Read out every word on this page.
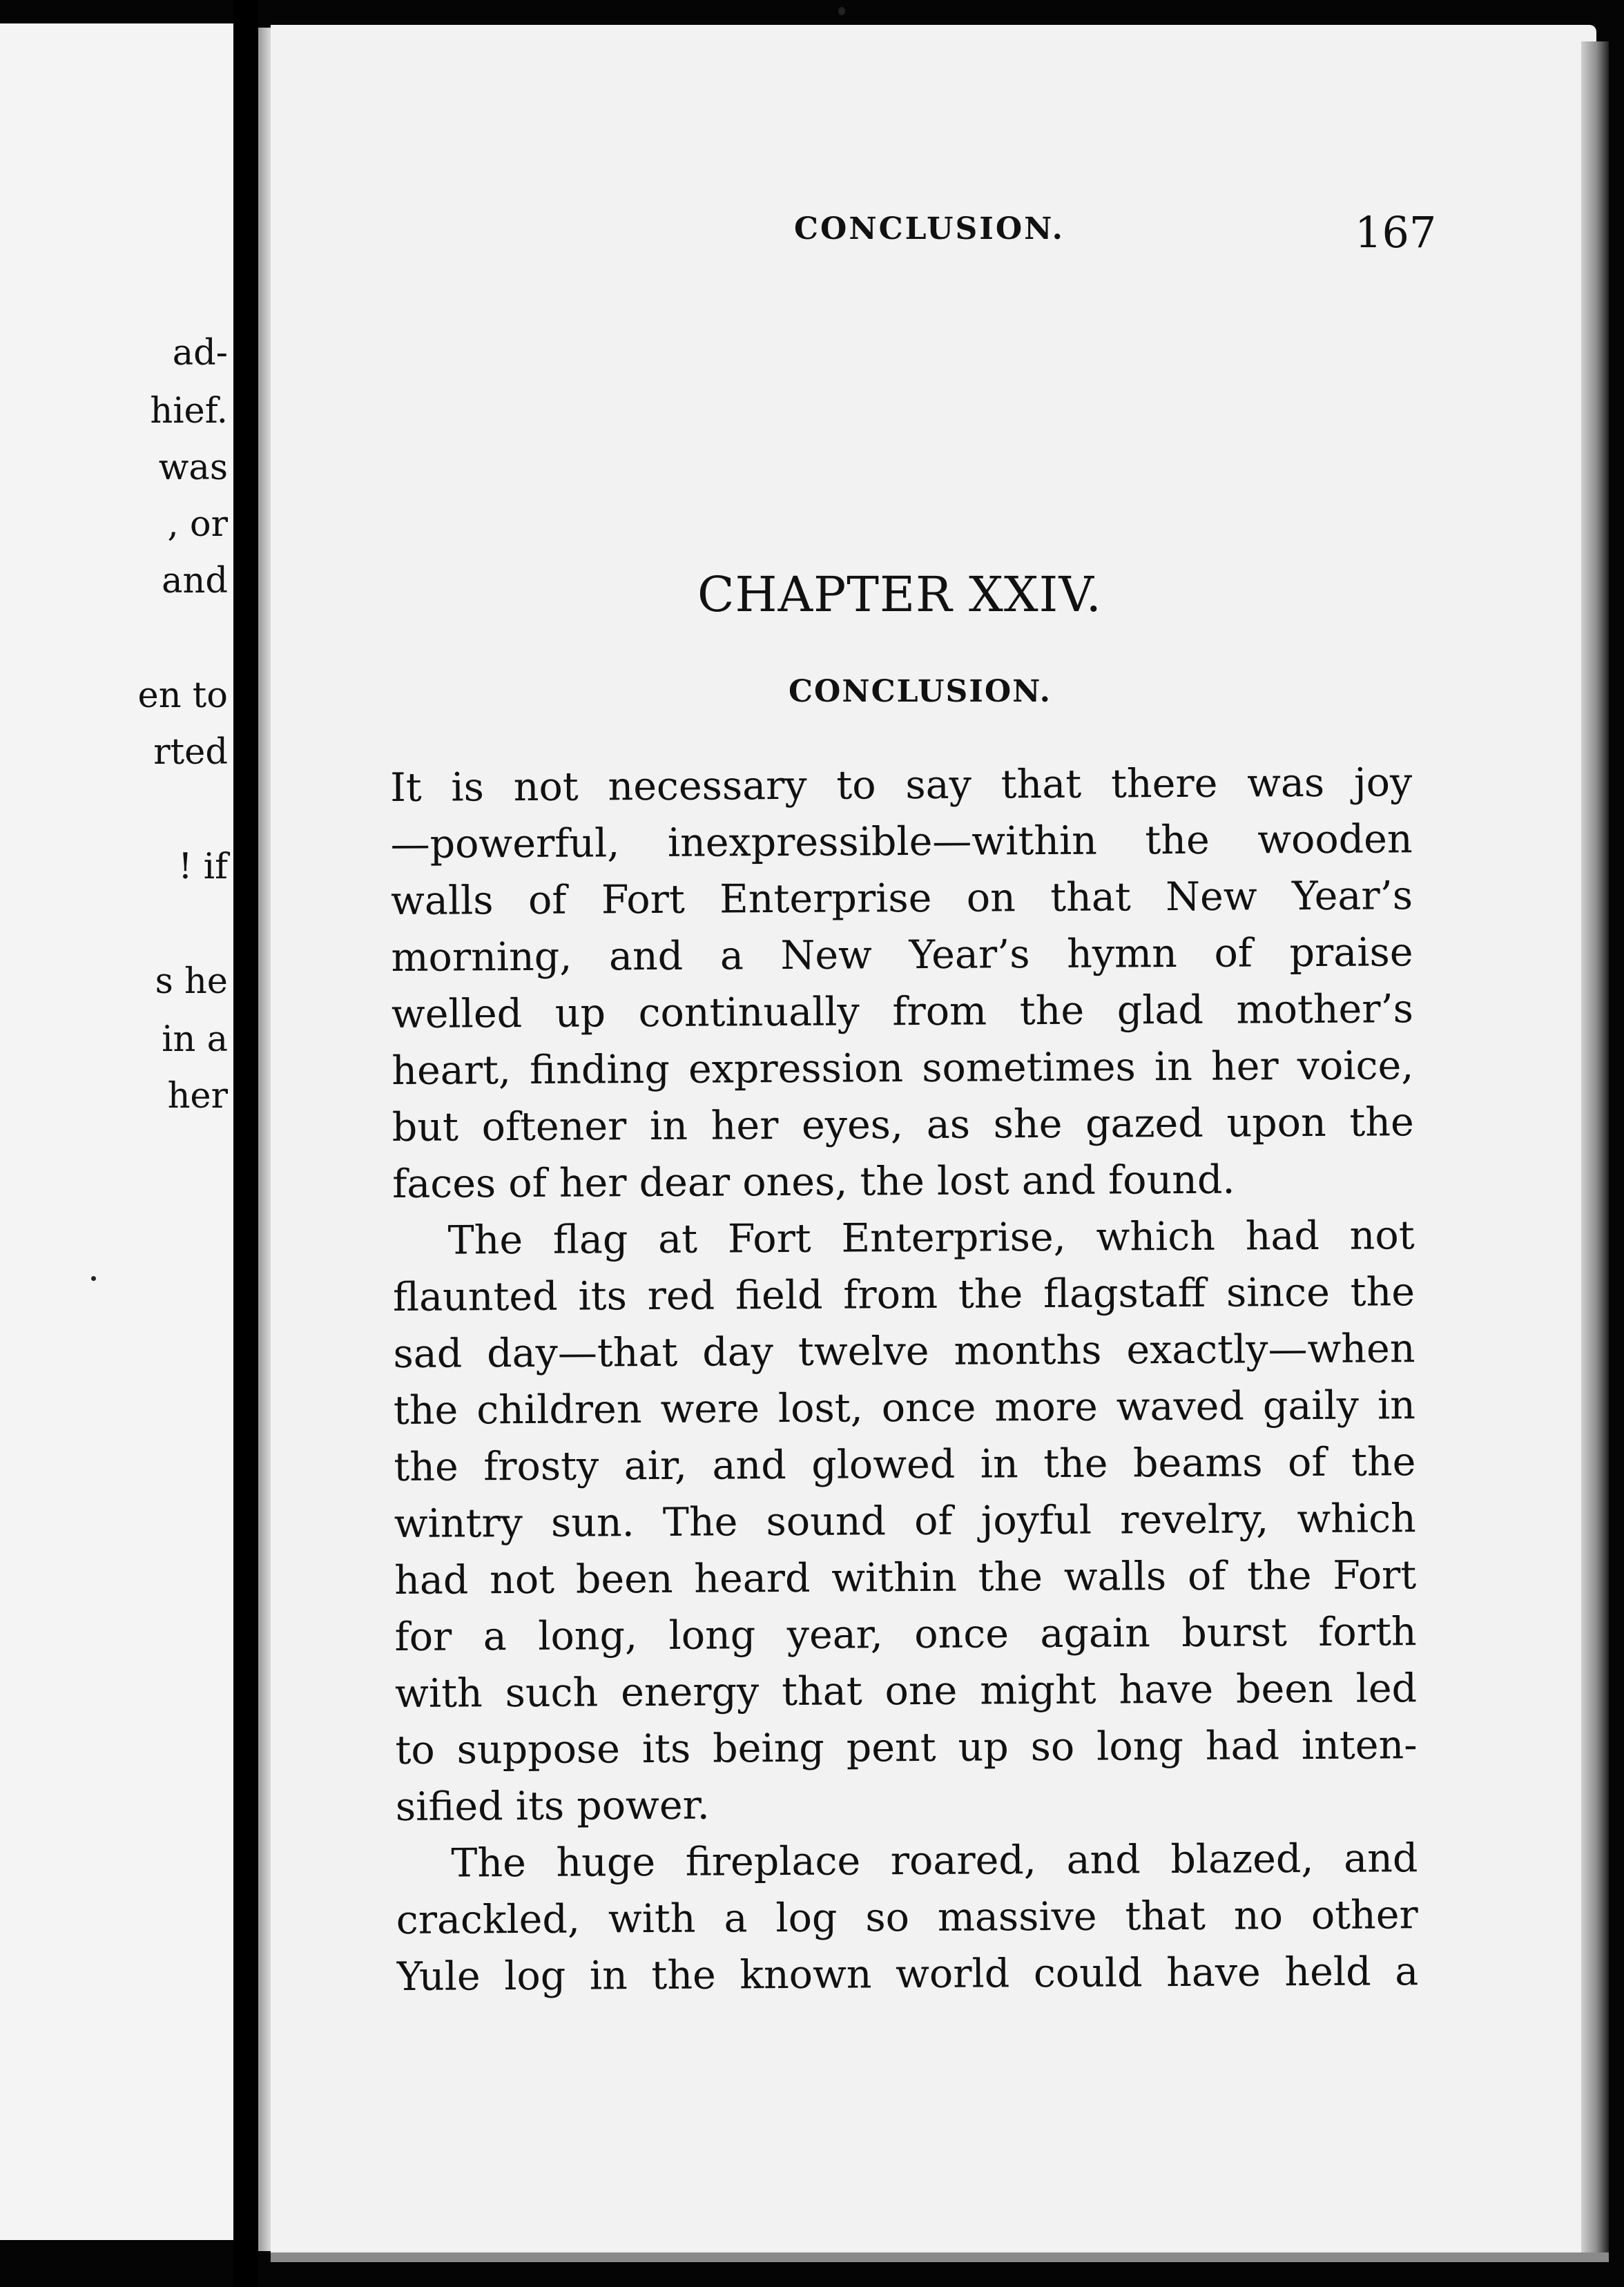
ad-
hief.
was
, or
and
en to
rted
! if
s he
in a
her
CONCLUSION.	167
CHAPTER XXIV.
CONCLUSION.
It is not necessary to say that there was joy
—powerful, inexpressible—within the wooden
walls of Fort Enterprise on that New Year’s
morning, and a New Year’s hymn of praise
welled up continually from the glad mother’s
heart, finding expression sometimes in her voice,
but oftener in her eyes, as she gazed upon the
faces of her dear ones, the lost and found.
The flag at Fort Enterprise, which had not
flaunted its red field from the flagstaff since the
sad day—that day twelve months exactly—when
the children were lost, once more waved gaily in
the frosty air, and glowed in the beams of the
wintry sun. The sound of joyful revelry, which
had not been heard within the walls of the Fort
for a long, long year, once again burst forth
with such energy that one might have been led
to suppose its being pent up so long had inten-
sified its power.
The huge fireplace roared, and blazed, and
crackled, with a log so massive that no other
Yule log in the known world could have held a
